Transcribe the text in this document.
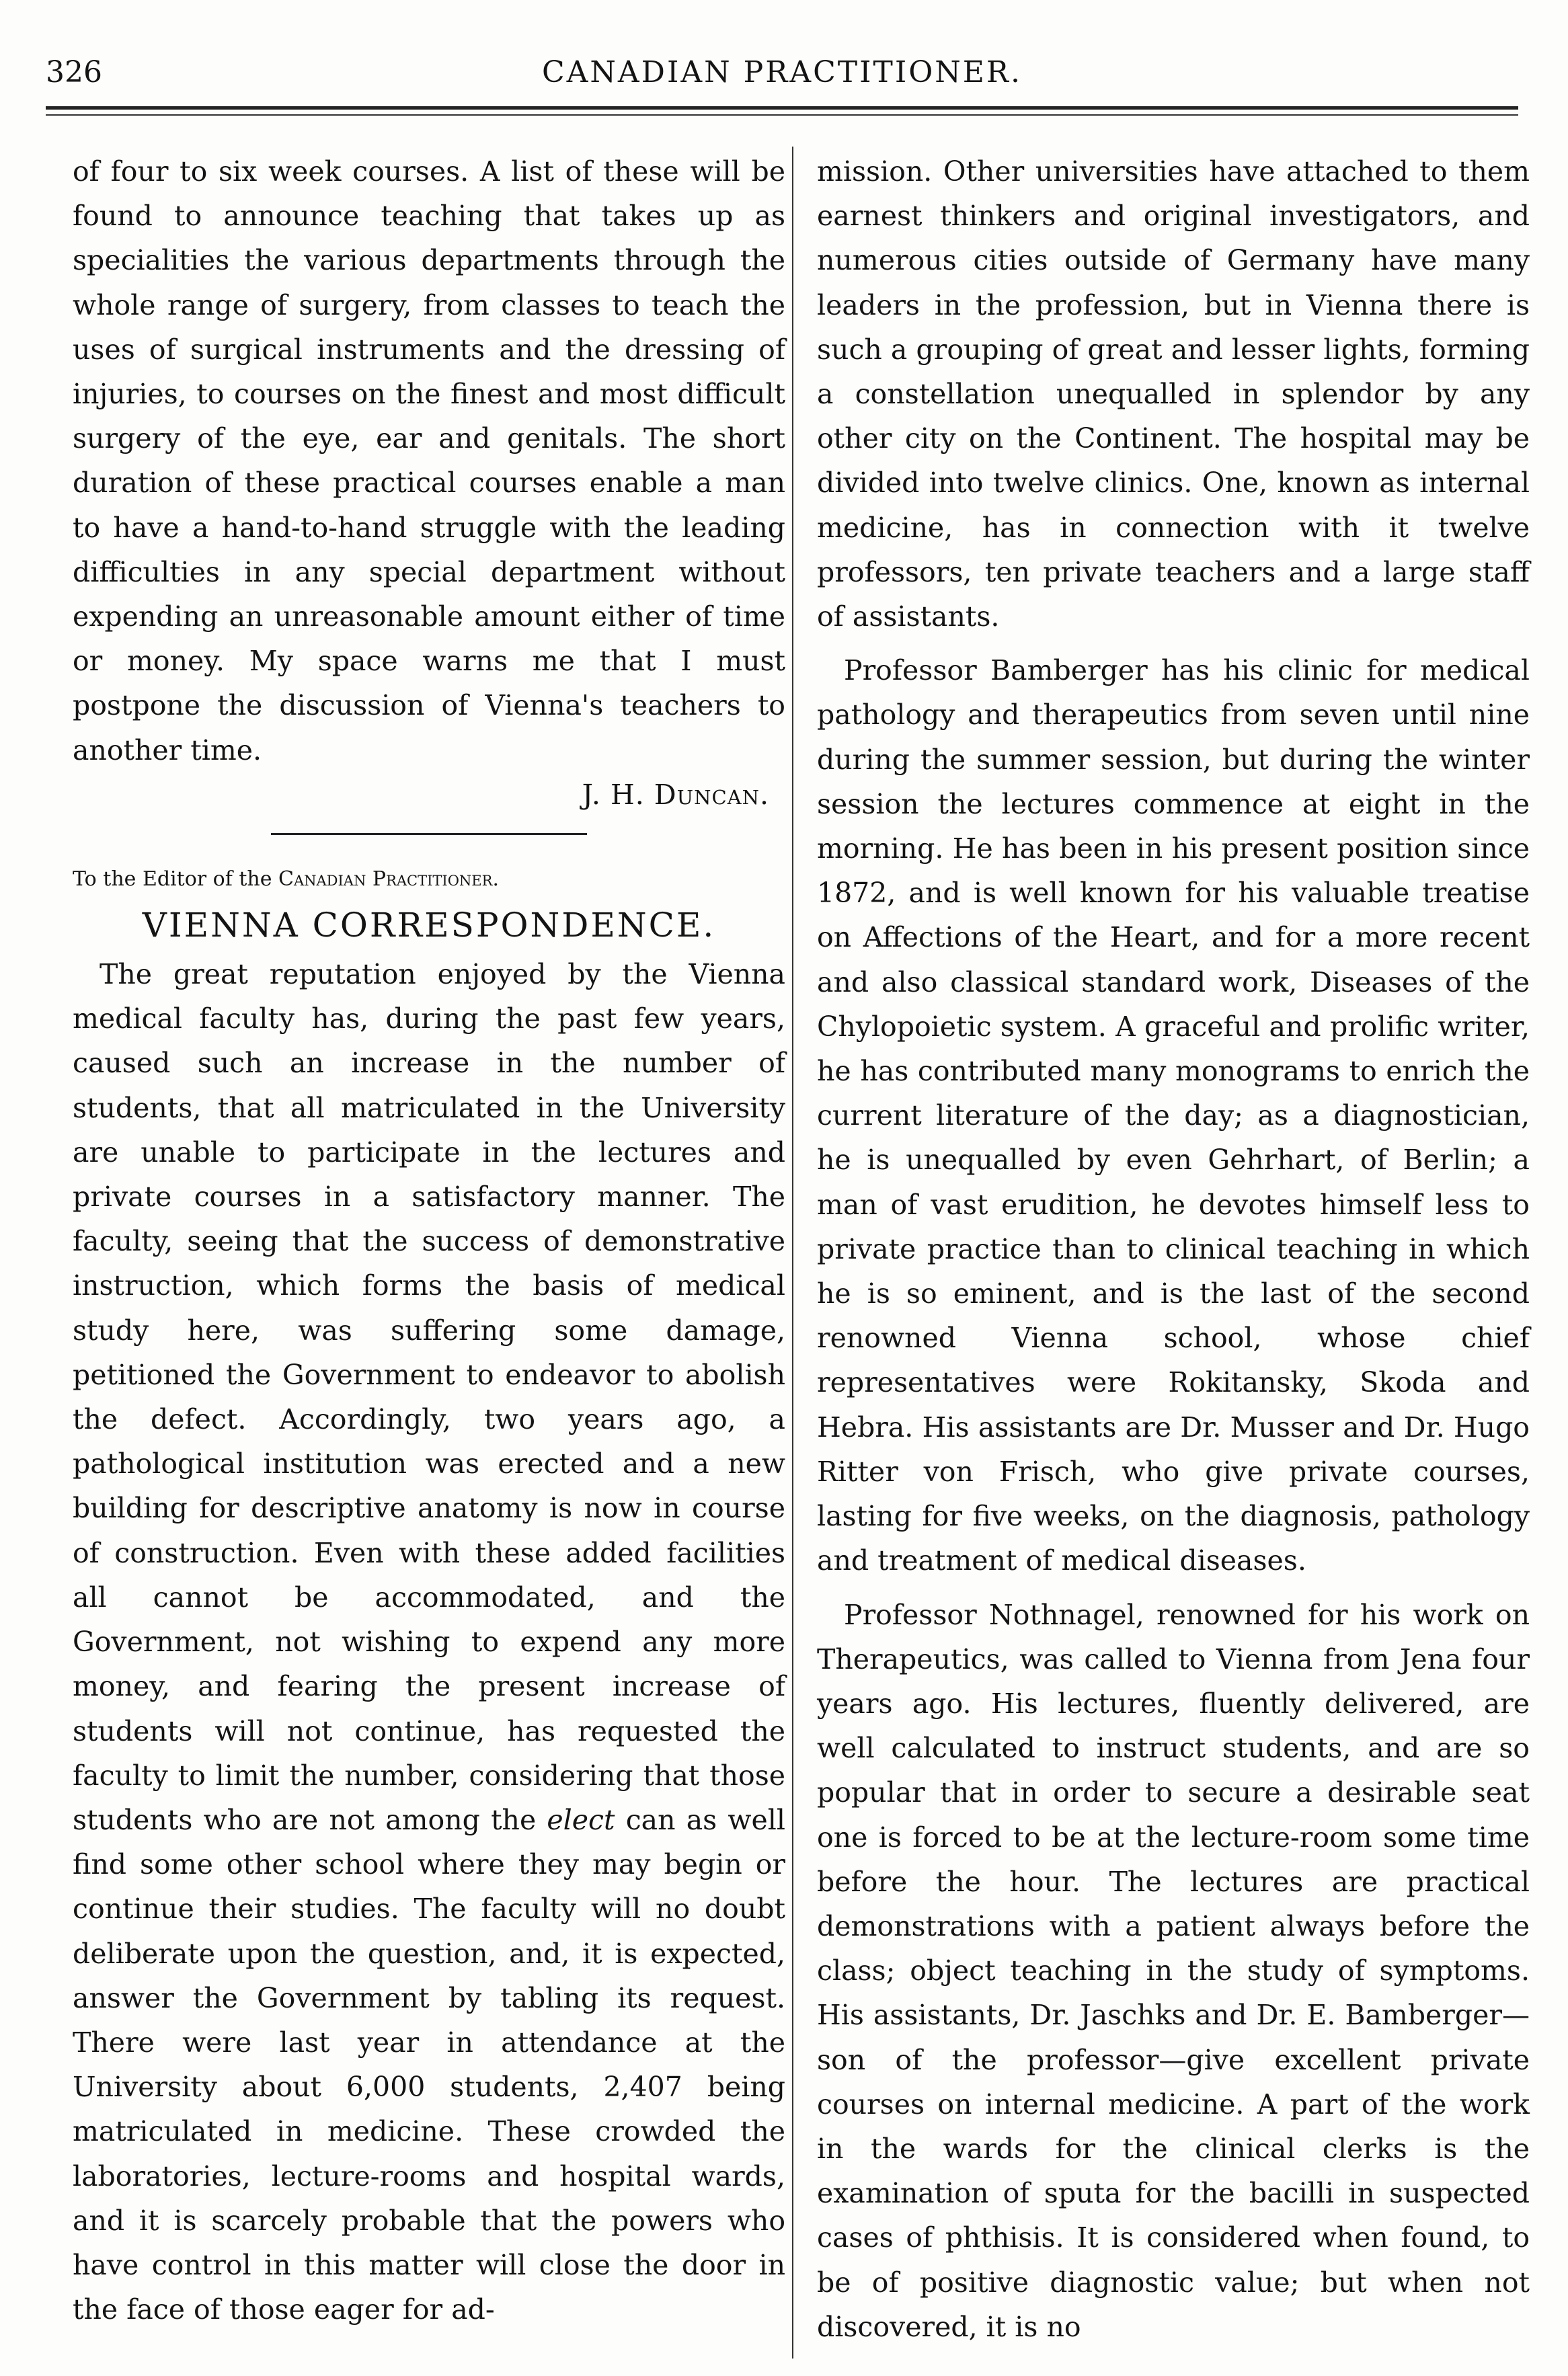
326	CANADIAN PRACTITIONER.

of four to six week courses. A list of these will be found to announce teaching that takes up as specialities the various departments through the whole range of surgery, from classes to teach the uses of surgical instruments and the dressing of injuries, to courses on the finest and most difficult surgery of the eye, ear and genitals. The short duration of these practical courses enable a man to have a hand-to-hand struggle with the leading difficulties in any special department without expending an unreasonable amount either of time or money. My space warns me that I must postpone the discussion of Vienna's teachers to another time.

J. H. Duncan.

To the Editor of the Canadian Practitioner.

VIENNA CORRESPONDENCE.

The great reputation enjoyed by the Vienna medical faculty has, during the past few years, caused such an increase in the number of students, that all matriculated in the University are unable to participate in the lectures and private courses in a satisfactory manner. The faculty, seeing that the success of demonstrative instruction, which forms the basis of medical study here, was suffering some damage, petitioned the Government to endeavor to abolish the defect. Accordingly, two years ago, a pathological institution was erected and a new building for descriptive anatomy is now in course of construction. Even with these added facilities all cannot be accommodated, and the Government, not wishing to expend any more money, and fearing the present increase of students will not continue, has requested the faculty to limit the number, considering that those students who are not among the elect can as well find some other school where they may begin or continue their studies. The faculty will no doubt deliberate upon the question, and, it is expected, answer the Government by tabling its request. There were last year in attendance at the University about 6,000 students, 2,407 being matriculated in medicine. These crowded the laboratories, lecture-rooms and hospital wards, and it is scarcely probable that the powers who have control in this matter will close the door in the face of those eager for ad-

mission. Other universities have attached to them earnest thinkers and original investigators, and numerous cities outside of Germany have many leaders in the profession, but in Vienna there is such a grouping of great and lesser lights, forming a constellation unequalled in splendor by any other city on the Continent. The hospital may be divided into twelve clinics. One, known as internal medicine, has in connection with it twelve professors, ten private teachers and a large staff of assistants.

Professor Bamberger has his clinic for medical pathology and therapeutics from seven until nine during the summer session, but during the winter session the lectures commence at eight in the morning. He has been in his present position since 1872, and is well known for his valuable treatise on Affections of the Heart, and for a more recent and also classical standard work, Diseases of the Chylopoietic system. A graceful and prolific writer, he has contributed many monograms to enrich the current literature of the day; as a diagnostician, he is unequalled by even Gehrhart, of Berlin; a man of vast erudition, he devotes himself less to private practice than to clinical teaching in which he is so eminent, and is the last of the second renowned Vienna school, whose chief representatives were Rokitansky, Skoda and Hebra. His assistants are Dr. Musser and Dr. Hugo Ritter von Frisch, who give private courses, lasting for five weeks, on the diagnosis, pathology and treatment of medical diseases.

Professor Nothnagel, renowned for his work on Therapeutics, was called to Vienna from Jena four years ago. His lectures, fluently delivered, are well calculated to instruct students, and are so popular that in order to secure a desirable seat one is forced to be at the lecture-room some time before the hour. The lectures are practical demonstrations with a patient always before the class; object teaching in the study of symptoms. His assistants, Dr. Jaschks and Dr. E. Bamberger—son of the professor—give excellent private courses on internal medicine. A part of the work in the wards for the clinical clerks is the examination of sputa for the bacilli in suspected cases of phthisis. It is considered when found, to be of positive diagnostic value; but when not discovered, it is no
